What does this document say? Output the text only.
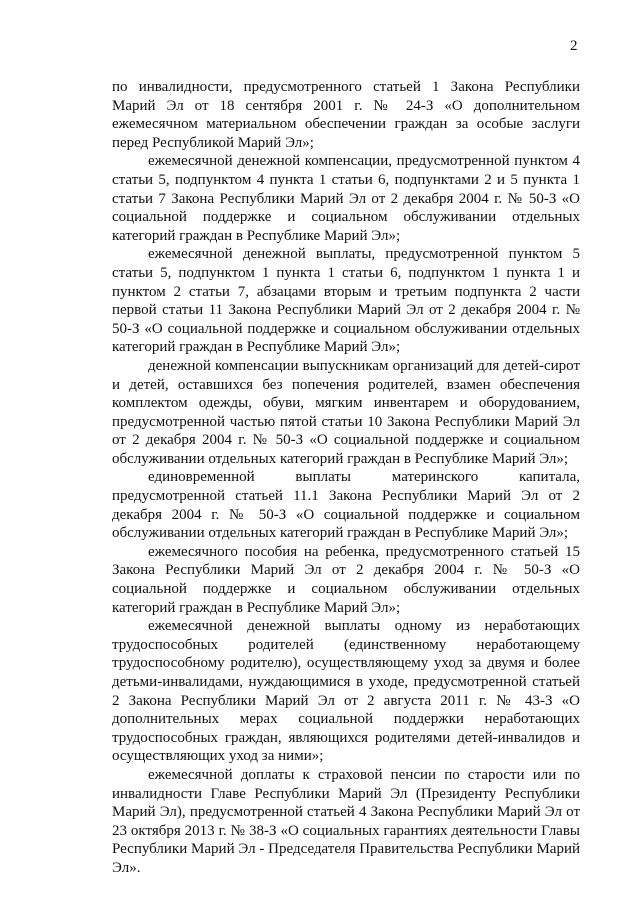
2

по инвалидности, предусмотренного статьей 1 Закона Республики Марий Эл от 18 сентября 2001 г. № 24-З «О дополнительном ежемесячном материальном обеспечении граждан за особые заслуги перед Республикой Марий Эл»;

ежемесячной денежной компенсации, предусмотренной пунктом 4 статьи 5, подпунктом 4 пункта 1 статьи 6, подпунктами 2 и 5 пункта 1 статьи 7 Закона Республики Марий Эл от 2 декабря 2004 г. № 50-З «О социальной поддержке и социальном обслуживании отдельных категорий граждан в Республике Марий Эл»;

ежемесячной денежной выплаты, предусмотренной пунктом 5 статьи 5, подпунктом 1 пункта 1 статьи 6, подпунктом 1 пункта 1 и пунктом 2 статьи 7, абзацами вторым и третьим подпункта 2 части первой статьи 11 Закона Республики Марий Эл от 2 декабря 2004 г. № 50-З «О социальной поддержке и социальном обслуживании отдельных категорий граждан в Республике Марий Эл»;

денежной компенсации выпускникам организаций для детей-сирот и детей, оставшихся без попечения родителей, взамен обеспечения комплектом одежды, обуви, мягким инвентарем и оборудованием, предусмотренной частью пятой статьи 10 Закона Республики Марий Эл от 2 декабря 2004 г. № 50-З «О социальной поддержке и социальном обслуживании отдельных категорий граждан в Республике Марий Эл»;

единовременной выплаты материнского капитала, предусмотренной статьей 11.1 Закона Республики Марий Эл от 2 декабря 2004 г. № 50-З «О социальной поддержке и социальном обслуживании отдельных категорий граждан в Республике Марий Эл»;

ежемесячного пособия на ребенка, предусмотренного статьей 15 Закона Республики Марий Эл от 2 декабря 2004 г. № 50-З «О социальной поддержке и социальном обслуживании отдельных категорий граждан в Республике Марий Эл»;

ежемесячной денежной выплаты одному из неработающих трудоспособных родителей (единственному неработающему трудоспособному родителю), осуществляющему уход за двумя и более детьми-инвалидами, нуждающимися в уходе, предусмотренной статьей 2 Закона Республики Марий Эл от 2 августа 2011 г. № 43-З «О дополнительных мерах социальной поддержки неработающих трудоспособных граждан, являющихся родителями детей-инвалидов и осуществляющих уход за ними»;

ежемесячной доплаты к страховой пенсии по старости или по инвалидности Главе Республики Марий Эл (Президенту Республики Марий Эл), предусмотренной статьей 4 Закона Республики Марий Эл от 23 октября 2013 г. № 38-З «О социальных гарантиях деятельности Главы Республики Марий Эл - Председателя Правительства Республики Марий Эл».
